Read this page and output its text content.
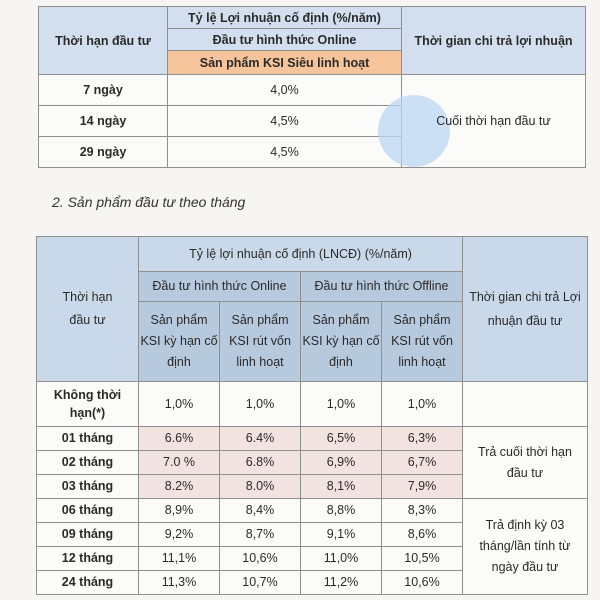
Thời hạn đầu tư	Tỷ lệ Lợi nhuận cố định (%/năm)	Thời gian chi trả lợi nhuận
	Đầu tư hình thức Online	
	Sản phẩm KSI Siêu linh hoạt	
7 ngày	4,0%	Cuối thời hạn đầu tư
14 ngày	4,5%	
29 ngày	4,5%	
2. Sản phẩm đầu tư theo tháng
Thời hạn đầu tư	Tỷ lệ lợi nhuận cố định (LNCĐ) (%/năm)				Thời gian chi trả Lợi nhuận đầu tư

	Đầu tư hình thức Online		Đầu tư hình thức Offline		
	Sản phẩm KSI kỳ hạn cố định	Sản phẩm KSI rút vốn linh hoạt	Sản phẩm KSI kỳ hạn cố định	Sản phẩm KSI rút vốn linh hoạt	
Không thời hạn(*)	1,0%	1,0%	1,0%	1,0%	
01 tháng	6.6%	6.4%	6,5%	6,3%	Trả cuối thời hạn đầu tư

02 tháng	7.0 %	6.8%	6,9%	6,7%	
03 tháng	8.2%	8.0%	8,1%	7,9%	
06 tháng	8,9%	8,4%	8,8%	8,3%	Trả định kỳ 03 tháng/lần tính từ ngày đầu tư

09 tháng	9,2%	8,7%	9,1%	8,6%	
12 tháng	11,1%	10,6%	11,0%	10,5%	
24 tháng	11,3%	10,7%	11,2%	10,6%	
